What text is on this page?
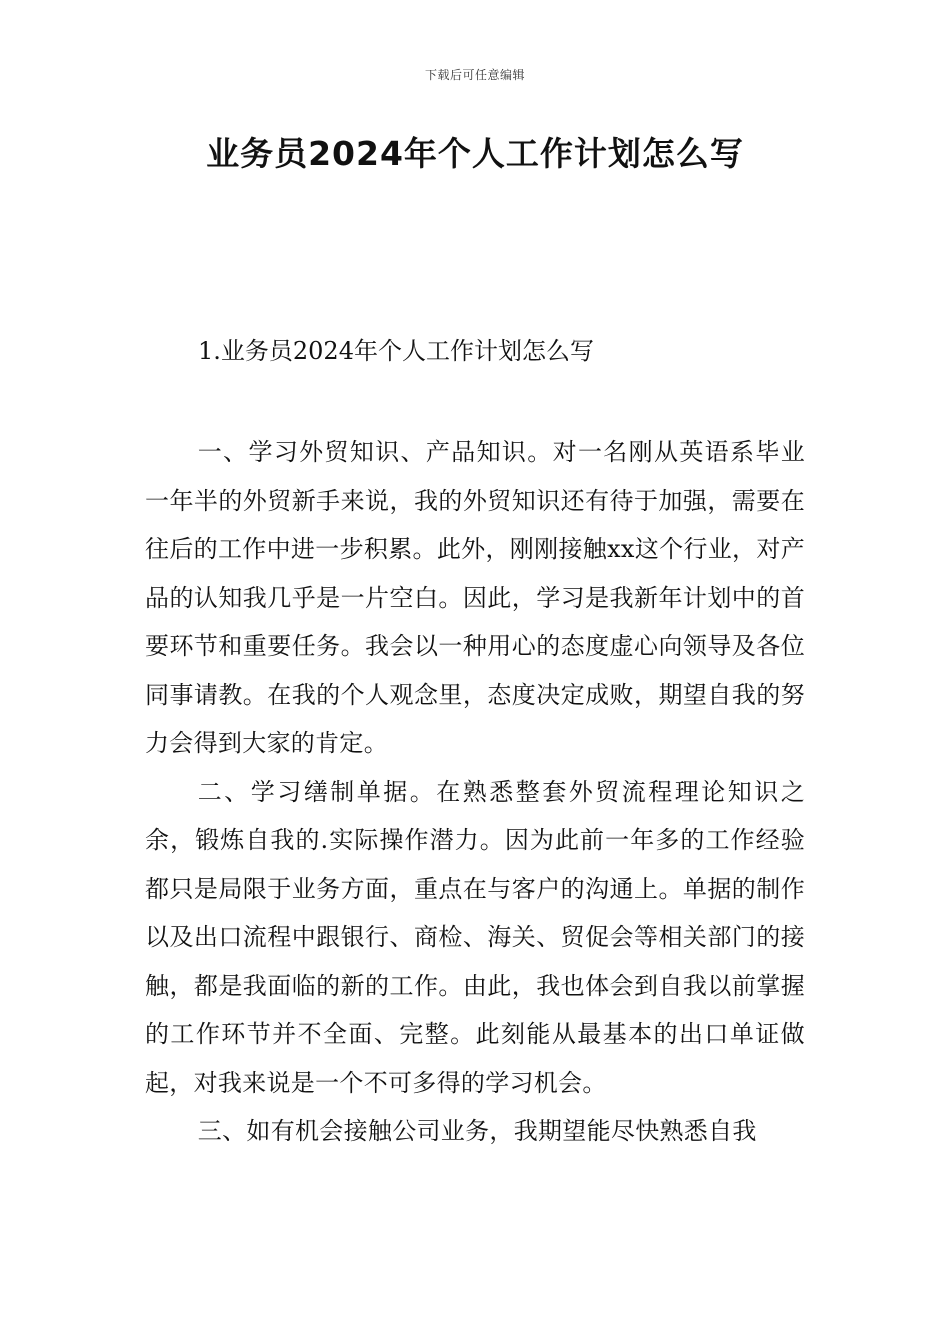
下载后可任意编辑
业务员2024年个人工作计划怎么写
1.业务员2024年个人工作计划怎么写

一、学习外贸知识、产品知识。对一名刚从英语系毕业一年半的外贸新手来说，我的外贸知识还有待于加强，需要在往后的工作中进一步积累。此外，刚刚接触xx这个行业，对产品的认知我几乎是一片空白。因此，学习是我新年计划中的首要环节和重要任务。我会以一种用心的态度虚心向领导及各位同事请教。在我的个人观念里，态度决定成败，期望自我的努力会得到大家的肯定。

二、学习缮制单据。在熟悉整套外贸流程理论知识之余，锻炼自我的.实际操作潜力。因为此前一年多的工作经验都只是局限于业务方面，重点在与客户的沟通上。单据的制作以及出口流程中跟银行、商检、海关、贸促会等相关部门的接触，都是我面临的新的工作。由此，我也体会到自我以前掌握的工作环节并不全面、完整。此刻能从最基本的出口单证做起，对我来说是一个不可多得的学习机会。

三、如有机会接触公司业务，我期望能尽快熟悉自我
